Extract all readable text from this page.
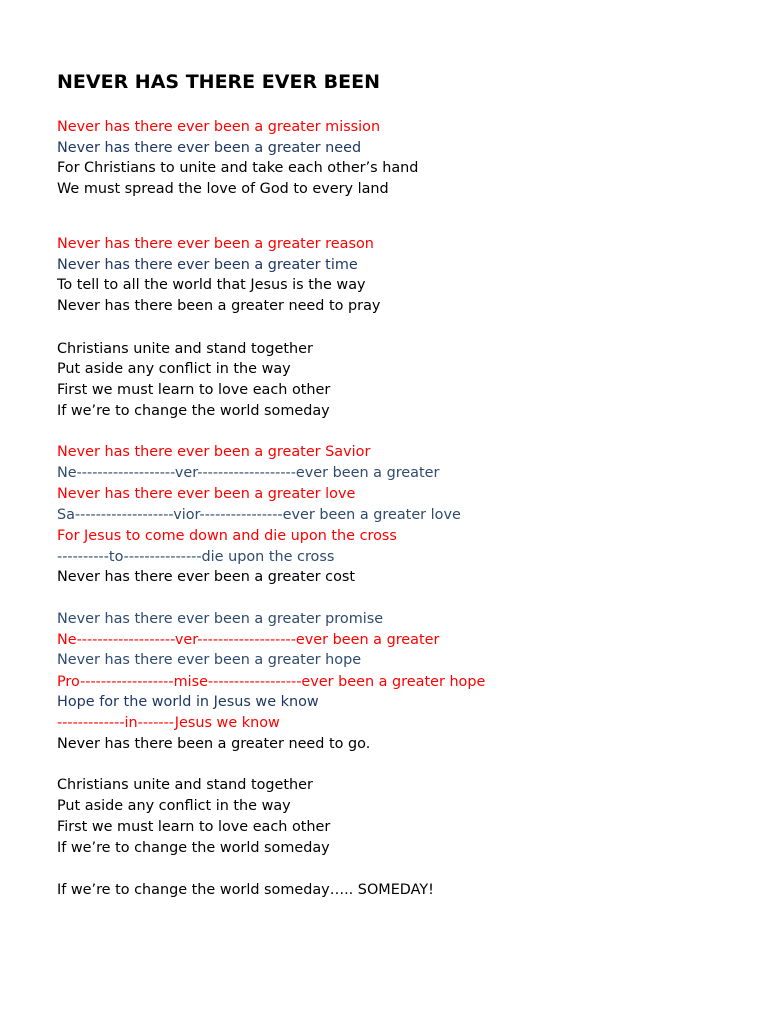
NEVER HAS THERE EVER BEEN

Never has there ever been a greater mission

Never has there ever been a greater need

For Christians to unite and take each other’s hand

We must spread the love of God to every land

Never has there ever been a greater reason

Never has there ever been a greater time

To tell to all the world that Jesus is the way

Never has there been a greater need to pray

Christians unite and stand together

Put aside any conflict in the way

First we must learn to love each other

If we’re to change the world someday

Never has there ever been a greater Savior

Ne-------------------ver-------------------ever been a greater

Never has there ever been a greater love

Sa-------------------vior----------------ever been a greater love

For Jesus to come down and die upon the cross

----------to---------------die upon the cross

Never has there ever been a greater cost

Never has there ever been a greater promise

Ne-------------------ver-------------------ever been a greater

Never has there ever been a greater hope

Pro------------------mise------------------ever been a greater hope

Hope for the world in Jesus we know

-------------in-------Jesus we know

Never has there been a greater need to go.

Christians unite and stand together

Put aside any conflict in the way

First we must learn to love each other

If we’re to change the world someday

If we’re to change the world someday….. SOMEDAY!
